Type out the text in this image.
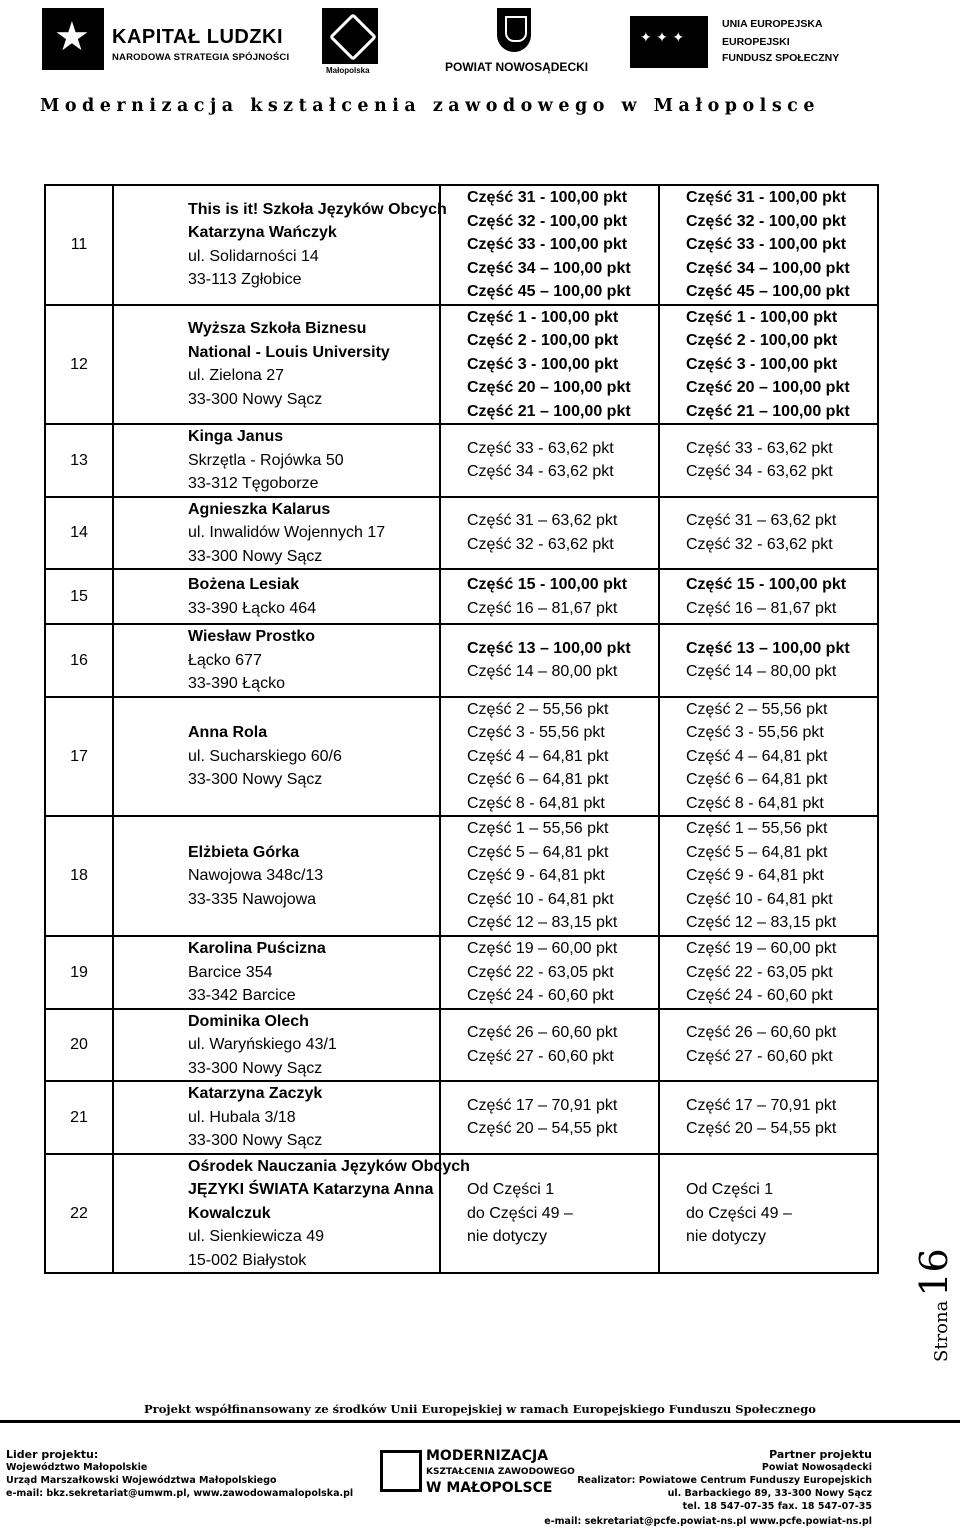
★
KAPITAŁ LUDZKI
NARODOWA STRATEGIA SPÓJNOŚCI
Małopolska	POWIAT NOWOSĄDECKI
✦ ✦ ✦
UNIA EUROPEJSKA
EUROPEJSKI
FUNDUSZ SPOŁECZNY
Modernizacja kształcenia zawodowego w Małopolsce
11	This is it! Szkoła Języków Obcych
Katarzyna Wańczyk
ul. Solidarności 14
33-113 Zgłobice	Część 31 - 100,00 pkt
Część 32 - 100,00 pkt
Część 33 - 100,00 pkt
Część 34 – 100,00 pkt
Część 45 – 100,00 pkt	Część 31 - 100,00 pkt
Część 32 - 100,00 pkt
Część 33 - 100,00 pkt
Część 34 – 100,00 pkt
Część 45 – 100,00 pkt

12	Wyższa Szkoła Biznesu
National - Louis University
ul. Zielona 27
33-300 Nowy Sącz	Część 1 - 100,00 pkt
Część 2 - 100,00 pkt
Część 3 - 100,00 pkt
Część 20 – 100,00 pkt
Część 21 – 100,00 pkt	Część 1 - 100,00 pkt
Część 2 - 100,00 pkt
Część 3 - 100,00 pkt
Część 20 – 100,00 pkt
Część 21 – 100,00 pkt

13	Kinga Janus
Skrzętla - Rojówka 50
33-312 Tęgoborze	Część 33 - 63,62 pkt
Część 34 - 63,62 pkt	Część 33 - 63,62 pkt
Część 34 - 63,62 pkt

14	Agnieszka Kalarus
ul. Inwalidów Wojennych 17
33-300 Nowy Sącz	Część 31 – 63,62 pkt
Część 32 - 63,62 pkt	Część 31 – 63,62 pkt
Część 32 - 63,62 pkt

15	Bożena Lesiak
33-390 Łącko 464	Część 15 - 100,00 pkt
Część 16 – 81,67 pkt	Część 15 - 100,00 pkt
Część 16 – 81,67 pkt

16	Wiesław Prostko
Łącko 677
33-390 Łącko	Część 13 – 100,00 pkt
Część 14 – 80,00 pkt	Część 13 – 100,00 pkt
Część 14 – 80,00 pkt

17	Anna Rola
ul. Sucharskiego 60/6
33-300 Nowy Sącz	Część 2 – 55,56 pkt
Część 3 - 55,56 pkt
Część 4 – 64,81 pkt
Część 6 – 64,81 pkt
Część 8 - 64,81 pkt	Część 2 – 55,56 pkt
Część 3 - 55,56 pkt
Część 4 – 64,81 pkt
Część 6 – 64,81 pkt
Część 8 - 64,81 pkt

18	Elżbieta Górka
Nawojowa 348c/13
33-335 Nawojowa	Część 1 – 55,56 pkt
Część 5 – 64,81 pkt
Część 9 - 64,81 pkt
Część 10 - 64,81 pkt
Część 12 – 83,15 pkt	Część 1 – 55,56 pkt
Część 5 – 64,81 pkt
Część 9 - 64,81 pkt
Część 10 - 64,81 pkt
Część 12 – 83,15 pkt

19	Karolina Puścizna
Barcice 354
33-342 Barcice	Część 19 – 60,00 pkt
Część 22 - 63,05 pkt
Część 24 - 60,60 pkt	Część 19 – 60,00 pkt
Część 22 - 63,05 pkt
Część 24 - 60,60 pkt

20	Dominika Olech
ul. Waryńskiego 43/1
33-300 Nowy Sącz	Część 26 – 60,60 pkt
Część 27 - 60,60 pkt	Część 26 – 60,60 pkt
Część 27 - 60,60 pkt

21	Katarzyna Zaczyk
ul. Hubala 3/18
33-300 Nowy Sącz	Część 17 – 70,91 pkt
Część 20 – 54,55 pkt	Część 17 – 70,91 pkt
Część 20 – 54,55 pkt

22	Ośrodek Nauczania Języków Obcych
JĘZYKI ŚWIATA Katarzyna Anna
Kowalczuk
ul. Sienkiewicza 49
15-002 Białystok	Od Części 1
do Części 49 –
nie dotyczy	Od Części 1
do Części 49 –
nie dotyczy
Strona16
Projekt współfinansowany ze środków Unii Europejskiej w ramach Europejskiego Funduszu Społecznego
Lider projektu:
Województwo Małopolskie
Urząd Marszałkowski Województwa Małopolskiego
e-mail: bkz.sekretariat@umwm.pl, www.zawodowamalopolska.pl
MODERNIZACJA
KSZTAŁCENIA ZAWODOWEGO
W MAŁOPOLSCE
Partner projektu
Powiat Nowosądecki
Realizator: Powiatowe Centrum Funduszy Europejskich
ul. Barbackiego 89, 33-300 Nowy Sącz
tel. 18 547-07-35 fax. 18 547-07-35
e-mail: sekretariat@pcfe.powiat-ns.pl www.pcfe.powiat-ns.pl
